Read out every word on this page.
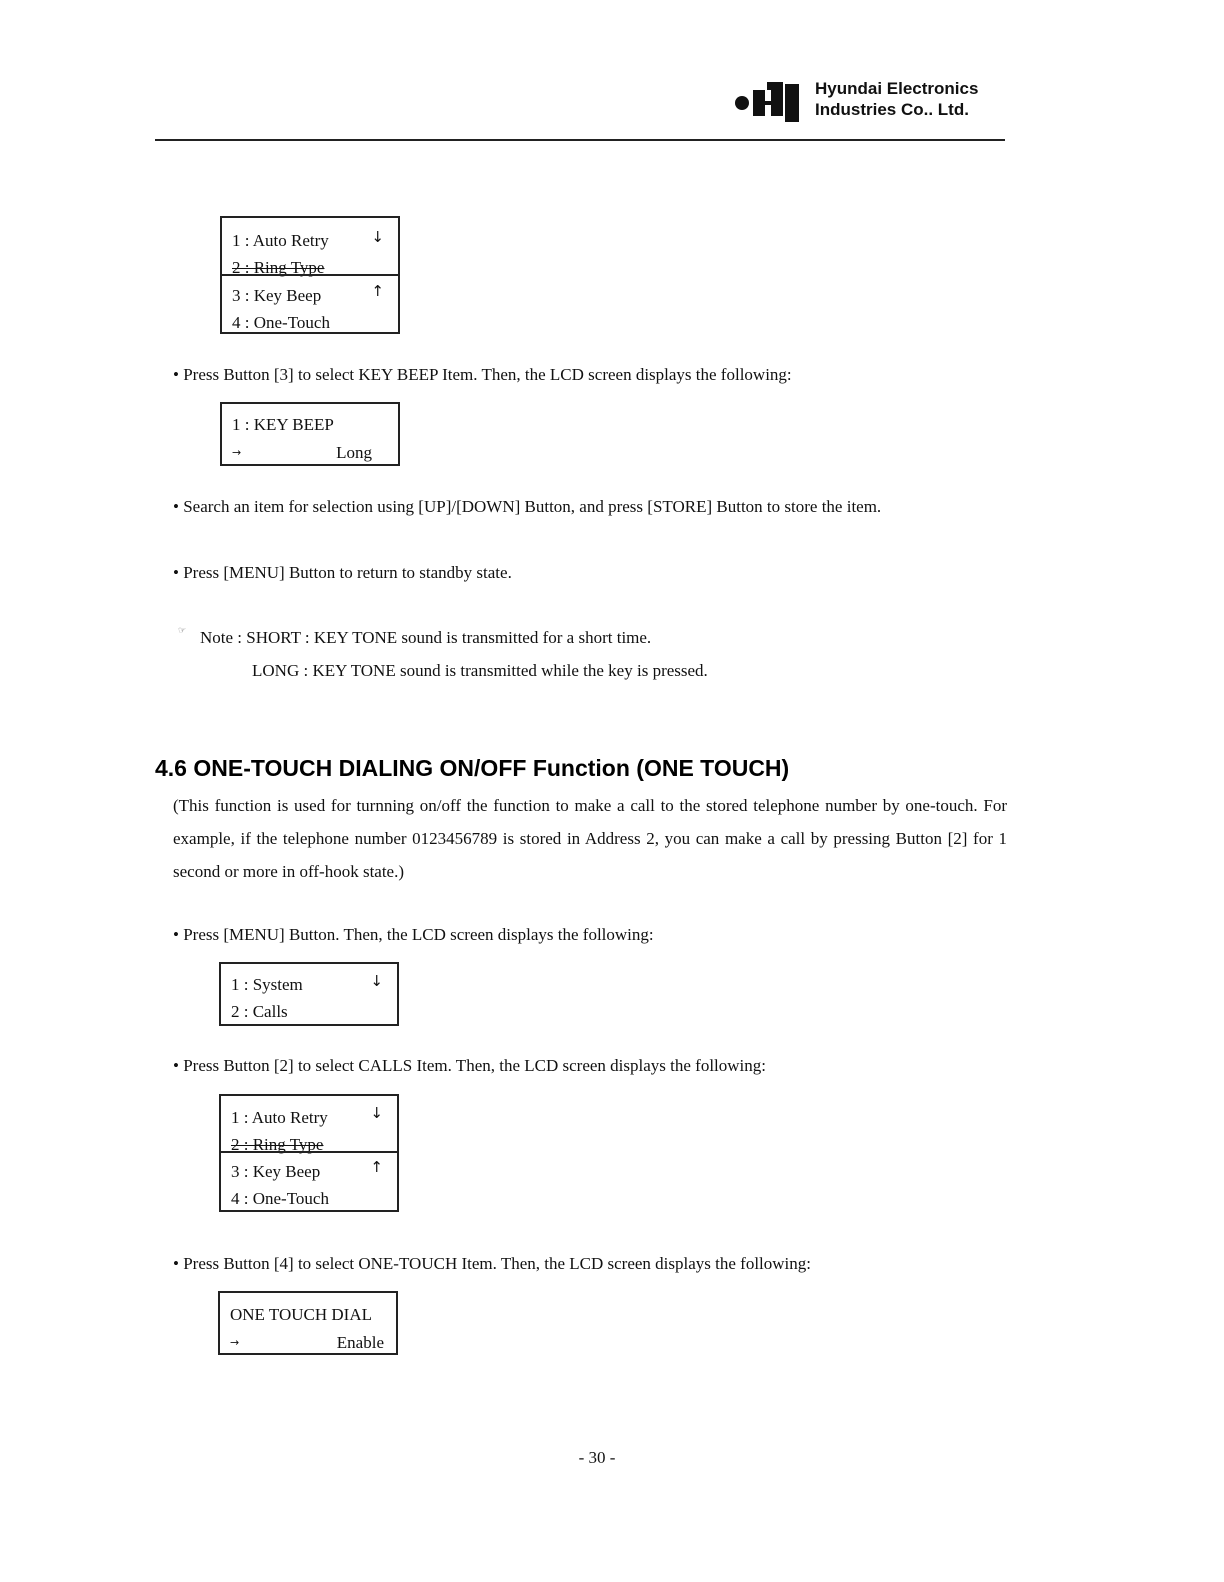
Hyundai Electronics
Industries Co.. Ltd.
1 : Auto Retry	↓
2 : Ring Type
3 : Key Beep	↑
4 : One-Touch
• Press Button [3] to select KEY BEEP Item. Then, the LCD screen displays the following:
1 : KEY BEEP
→	Long
• Search an item for selection using [UP]/[DOWN] Button, and press [STORE] Button to store the item.
• Press [MENU] Button to return to standby state.
☞ Note : SHORT : KEY TONE sound is transmitted for a short time.
LONG : KEY TONE sound is transmitted while the key is pressed.
4.6 ONE-TOUCH DIALING ON/OFF Function (ONE TOUCH)
(This function is used for turnning on/off the function to make a call to the stored telephone number by one-touch. For example, if the telephone number 0123456789 is stored in Address 2, you can make a call by pressing Button [2] for 1 second or more in off-hook state.)
• Press [MENU] Button. Then, the LCD screen displays the following:
1 : System	↓
2 : Calls
• Press Button [2] to select CALLS Item. Then, the LCD screen displays the following:
1 : Auto Retry	↓
2 : Ring Type
3 : Key Beep	↑
4 : One-Touch
• Press Button [4] to select ONE-TOUCH Item. Then, the LCD screen displays the following:
ONE TOUCH DIAL
→	Enable
- 30 -
